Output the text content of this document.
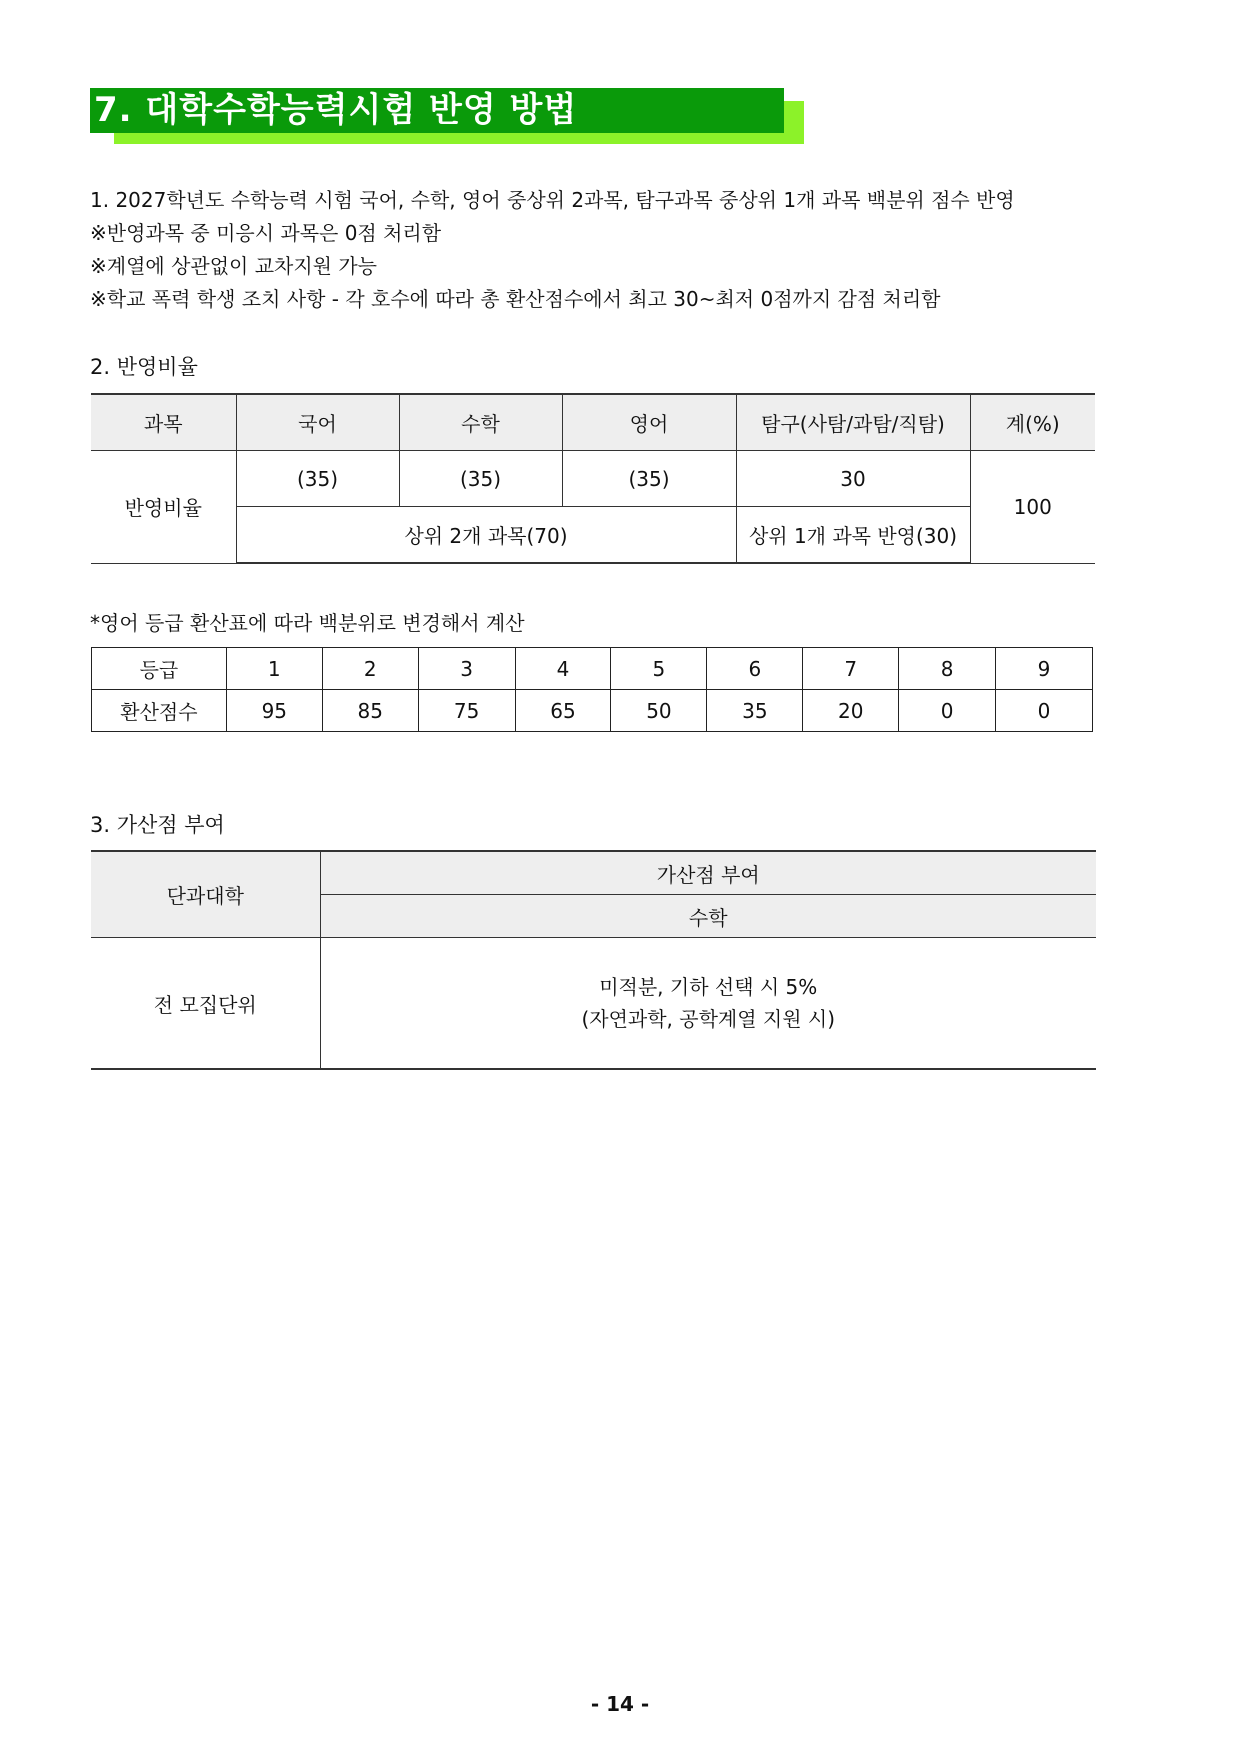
7. 대학수학능력시험 반영 방법
1. 2027학년도 수학능력 시험 국어, 수학, 영어 중상위 2과목, 탐구과목 중상위 1개 과목 백분위 점수 반영
※반영과목 중 미응시 과목은 0점 처리함
※계열에 상관없이 교차지원 가능
※학교 폭력 학생 조치 사항 - 각 호수에 따라 총 환산점수에서 최고 30~최저 0점까지 감점 처리함
2. 반영비율
과목	국어	수학	영어	탐구(사탐/과탐/직탐)	계(%)
반영비율	(35)	(35)	(35)	30	100
	상위 2개 과목(70)			상위 1개 과목 반영(30)	
*영어 등급 환산표에 따라 백분위로 변경해서 계산
등급	1	2	3	4	5	6	7	8	9
환산점수	95	85	75	65	50	35	20	0	0
3. 가산점 부여
단과대학	가산점 부여
	수학
전 모집단위	미적분, 기하 선택 시 5%
(자연과학, 공학계열 지원 시)
- 14 -
